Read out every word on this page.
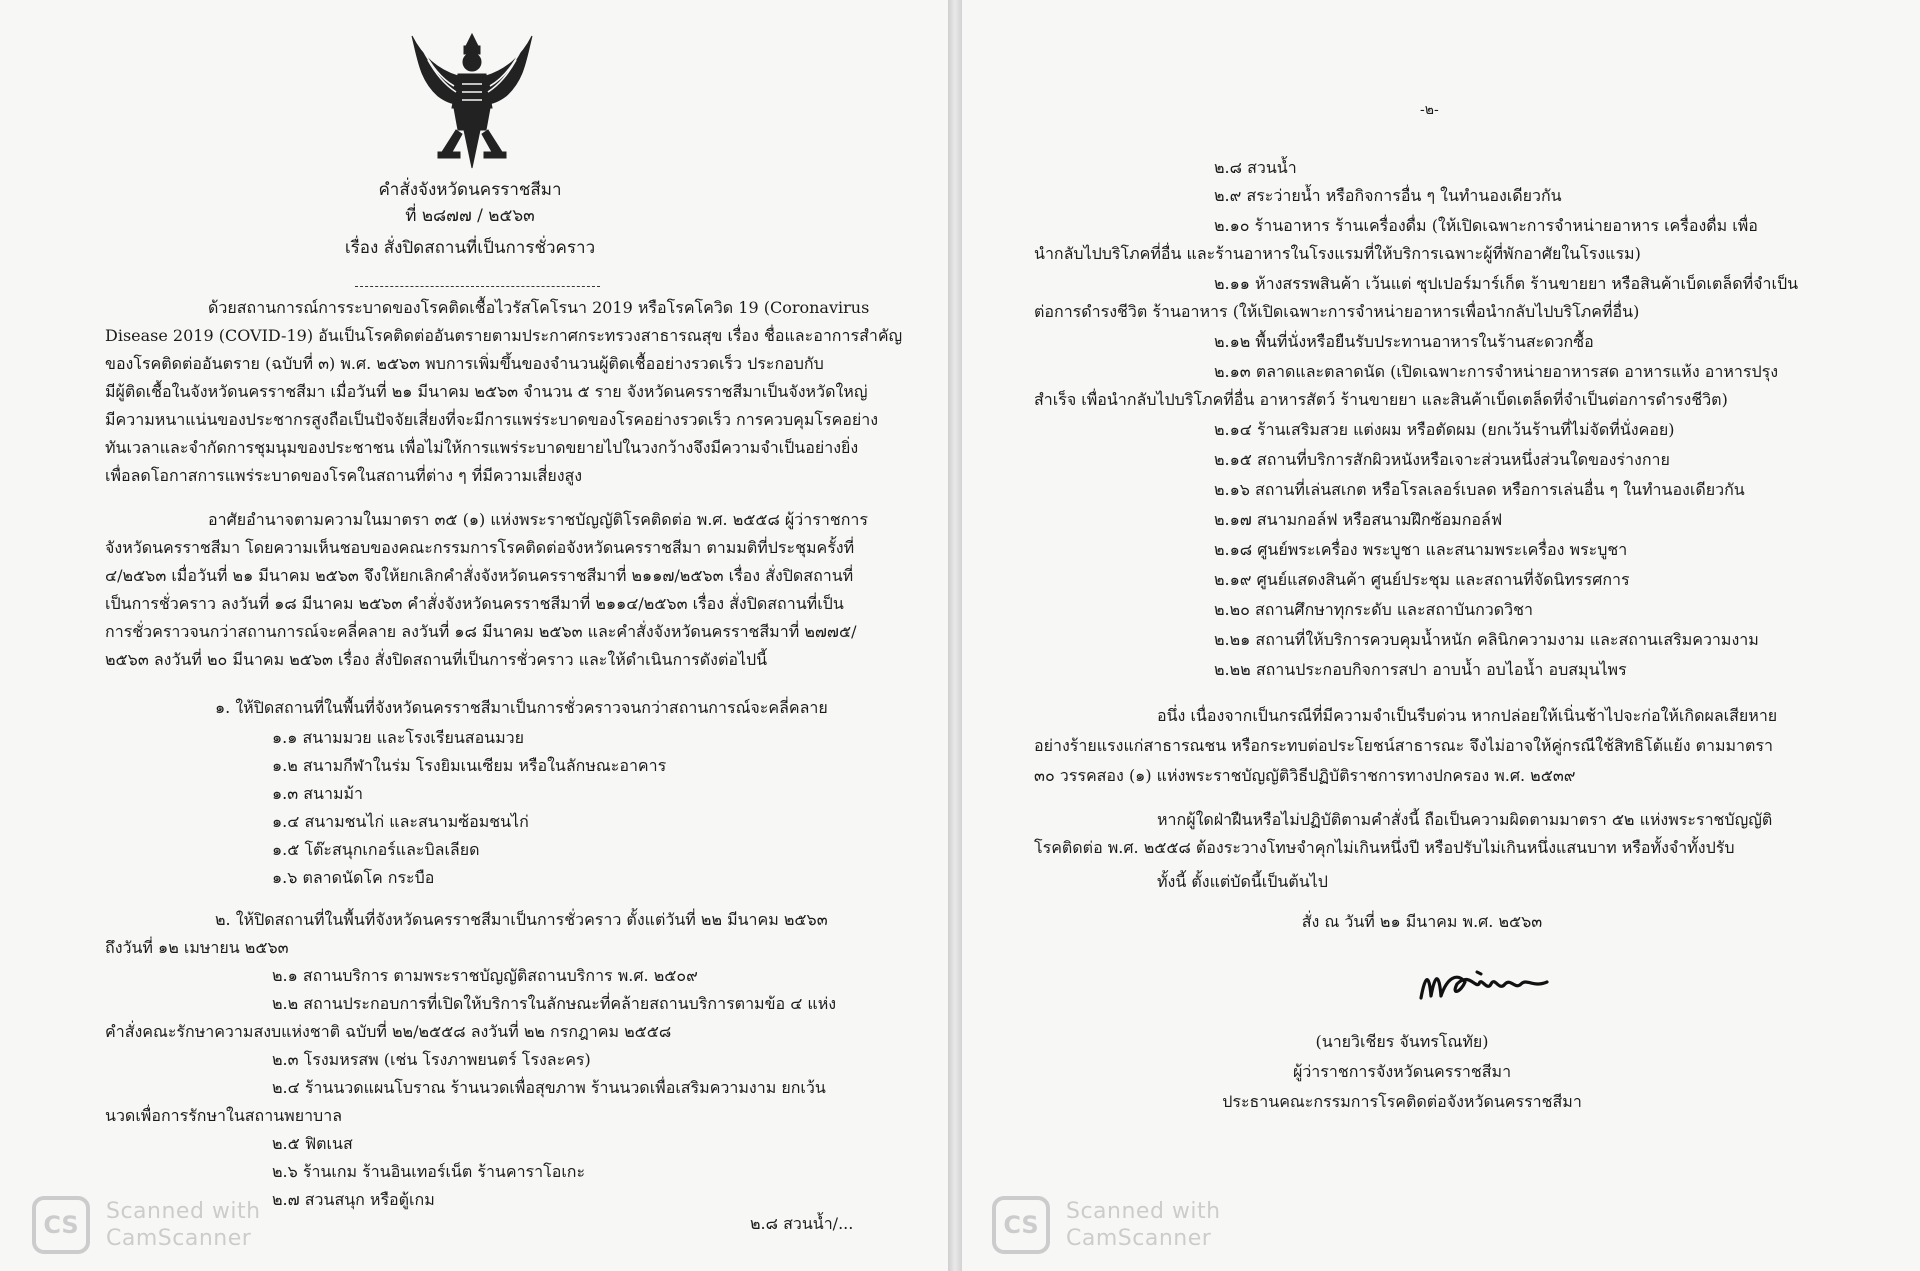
คำสั่งจังหวัดนครราชสีมา
ที่ ๒๘๗๗ / ๒๕๖๓
เรื่อง สั่งปิดสถานที่เป็นการชั่วคราว
ด้วยสถานการณ์การระบาดของโรคติดเชื้อไวรัสโคโรนา 2019 หรือโรคโควิด 19 (Coronavirus
Disease 2019 (COVID-19) อันเป็นโรคติดต่ออันตรายตามประกาศกระทรวงสาธารณสุข เรื่อง ชื่อและอาการสำคัญ
ของโรคติดต่ออันตราย (ฉบับที่ ๓) พ.ศ. ๒๕๖๓ พบการเพิ่มขึ้นของจำนวนผู้ติดเชื้ออย่างรวดเร็ว ประกอบกับ
มีผู้ติดเชื้อในจังหวัดนครราชสีมา เมื่อวันที่ ๒๑ มีนาคม ๒๕๖๓ จำนวน ๕ ราย จังหวัดนครราชสีมาเป็นจังหวัดใหญ่
มีความหนาแน่นของประชากรสูงถือเป็นปัจจัยเสี่ยงที่จะมีการแพร่ระบาดของโรคอย่างรวดเร็ว การควบคุมโรคอย่าง
ทันเวลาและจำกัดการชุมนุมของประชาชน เพื่อไม่ให้การแพร่ระบาดขยายไปในวงกว้างจึงมีความจำเป็นอย่างยิ่ง
เพื่อลดโอกาสการแพร่ระบาดของโรคในสถานที่ต่าง ๆ ที่มีความเสี่ยงสูง
อาศัยอำนาจตามความในมาตรา ๓๕ (๑) แห่งพระราชบัญญัติโรคติดต่อ พ.ศ. ๒๕๕๘ ผู้ว่าราชการ
จังหวัดนครราชสีมา โดยความเห็นชอบของคณะกรรมการโรคติดต่อจังหวัดนครราชสีมา ตามมติที่ประชุมครั้งที่
๔/๒๕๖๓ เมื่อวันที่ ๒๑ มีนาคม ๒๕๖๓ จึงให้ยกเลิกคำสั่งจังหวัดนครราชสีมาที่ ๒๑๑๗/๒๕๖๓ เรื่อง สั่งปิดสถานที่
เป็นการชั่วคราว ลงวันที่ ๑๘ มีนาคม ๒๕๖๓ คำสั่งจังหวัดนครราชสีมาที่ ๒๑๑๔/๒๕๖๓ เรื่อง สั่งปิดสถานที่เป็น
การชั่วคราวจนกว่าสถานการณ์จะคลี่คลาย ลงวันที่ ๑๘ มีนาคม ๒๕๖๓ และคำสั่งจังหวัดนครราชสีมาที่ ๒๗๗๕/
๒๕๖๓ ลงวันที่ ๒๐ มีนาคม ๒๕๖๓ เรื่อง สั่งปิดสถานที่เป็นการชั่วคราว และให้ดำเนินการดังต่อไปนี้
๑. ให้ปิดสถานที่ในพื้นที่จังหวัดนครราชสีมาเป็นการชั่วคราวจนกว่าสถานการณ์จะคลี่คลาย
๑.๑ สนามมวย และโรงเรียนสอนมวย
๑.๒ สนามกีฬาในร่ม โรงยิมเนเซียม หรือในลักษณะอาคาร
๑.๓ สนามม้า
๑.๔ สนามชนไก่ และสนามซ้อมชนไก่
๑.๕ โต๊ะสนุกเกอร์และบิลเลียด
๑.๖ ตลาดนัดโค กระบือ
๒. ให้ปิดสถานที่ในพื้นที่จังหวัดนครราชสีมาเป็นการชั่วคราว ตั้งแต่วันที่ ๒๒ มีนาคม ๒๕๖๓
ถึงวันที่ ๑๒ เมษายน ๒๕๖๓
๒.๑ สถานบริการ ตามพระราชบัญญัติสถานบริการ พ.ศ. ๒๕๐๙
๒.๒ สถานประกอบการที่เปิดให้บริการในลักษณะที่คล้ายสถานบริการตามข้อ ๔ แห่ง
คำสั่งคณะรักษาความสงบแห่งชาติ ฉบับที่ ๒๒/๒๕๕๘ ลงวันที่ ๒๒ กรกฎาคม ๒๕๕๘
๒.๓ โรงมหรสพ (เช่น โรงภาพยนตร์ โรงละคร)
๒.๔ ร้านนวดแผนโบราณ ร้านนวดเพื่อสุขภาพ ร้านนวดเพื่อเสริมความงาม ยกเว้น
นวดเพื่อการรักษาในสถานพยาบาล
๒.๕ ฟิตเนส
๒.๖ ร้านเกม ร้านอินเทอร์เน็ต ร้านคาราโอเกะ
๒.๗ สวนสนุก หรือตู้เกม
๒.๘ สวนน้ำ/...
CS	Scanned with
CamScanner
-๒-
๒.๘ สวนน้ำ
๒.๙ สระว่ายน้ำ หรือกิจการอื่น ๆ ในทำนองเดียวกัน
๒.๑๐ ร้านอาหาร ร้านเครื่องดื่ม (ให้เปิดเฉพาะการจำหน่ายอาหาร เครื่องดื่ม เพื่อ
นำกลับไปบริโภคที่อื่น และร้านอาหารในโรงแรมที่ให้บริการเฉพาะผู้ที่พักอาศัยในโรงแรม)
๒.๑๑ ห้างสรรพสินค้า เว้นแต่ ซุปเปอร์มาร์เก็ต ร้านขายยา หรือสินค้าเบ็ดเตล็ดที่จำเป็น
ต่อการดำรงชีวิต ร้านอาหาร (ให้เปิดเฉพาะการจำหน่ายอาหารเพื่อนำกลับไปบริโภคที่อื่น)
๒.๑๒ พื้นที่นั่งหรือยืนรับประทานอาหารในร้านสะดวกซื้อ
๒.๑๓ ตลาดและตลาดนัด (เปิดเฉพาะการจำหน่ายอาหารสด อาหารแห้ง อาหารปรุง
สำเร็จ เพื่อนำกลับไปบริโภคที่อื่น อาหารสัตว์ ร้านขายยา และสินค้าเบ็ดเตล็ดที่จำเป็นต่อการดำรงชีวิต)
๒.๑๔ ร้านเสริมสวย แต่งผม หรือตัดผม (ยกเว้นร้านที่ไม่จัดที่นั่งคอย)
๒.๑๕ สถานที่บริการสักผิวหนังหรือเจาะส่วนหนึ่งส่วนใดของร่างกาย
๒.๑๖ สถานที่เล่นสเกต หรือโรลเลอร์เบลด หรือการเล่นอื่น ๆ ในทำนองเดียวกัน
๒.๑๗ สนามกอล์ฟ หรือสนามฝึกซ้อมกอล์ฟ
๒.๑๘ ศูนย์พระเครื่อง พระบูชา และสนามพระเครื่อง พระบูชา
๒.๑๙ ศูนย์แสดงสินค้า ศูนย์ประชุม และสถานที่จัดนิทรรศการ
๒.๒๐ สถานศึกษาทุกระดับ และสถาบันกวดวิชา
๒.๒๑ สถานที่ให้บริการควบคุมน้ำหนัก คลินิกความงาม และสถานเสริมความงาม
๒.๒๒ สถานประกอบกิจการสปา อาบน้ำ อบไอน้ำ อบสมุนไพร
อนึ่ง เนื่องจากเป็นกรณีที่มีความจำเป็นรีบด่วน หากปล่อยให้เนิ่นช้าไปจะก่อให้เกิดผลเสียหาย
อย่างร้ายแรงแก่สาธารณชน หรือกระทบต่อประโยชน์สาธารณะ จึงไม่อาจให้คู่กรณีใช้สิทธิโต้แย้ง ตามมาตรา
๓๐ วรรคสอง (๑) แห่งพระราชบัญญัติวิธีปฏิบัติราชการทางปกครอง พ.ศ. ๒๕๓๙
หากผู้ใดฝ่าฝืนหรือไม่ปฏิบัติตามคำสั่งนี้ ถือเป็นความผิดตามมาตรา ๕๒ แห่งพระราชบัญญัติ
โรคติดต่อ พ.ศ. ๒๕๕๘ ต้องระวางโทษจำคุกไม่เกินหนึ่งปี หรือปรับไม่เกินหนึ่งแสนบาท หรือทั้งจำทั้งปรับ
ทั้งนี้ ตั้งแต่บัดนี้เป็นต้นไป
สั่ง ณ วันที่ ๒๑ มีนาคม พ.ศ. ๒๕๖๓
(นายวิเชียร จันทรโณทัย)
ผู้ว่าราชการจังหวัดนครราชสีมา
ประธานคณะกรรมการโรคติดต่อจังหวัดนครราชสีมา
CS	Scanned with
CamScanner
